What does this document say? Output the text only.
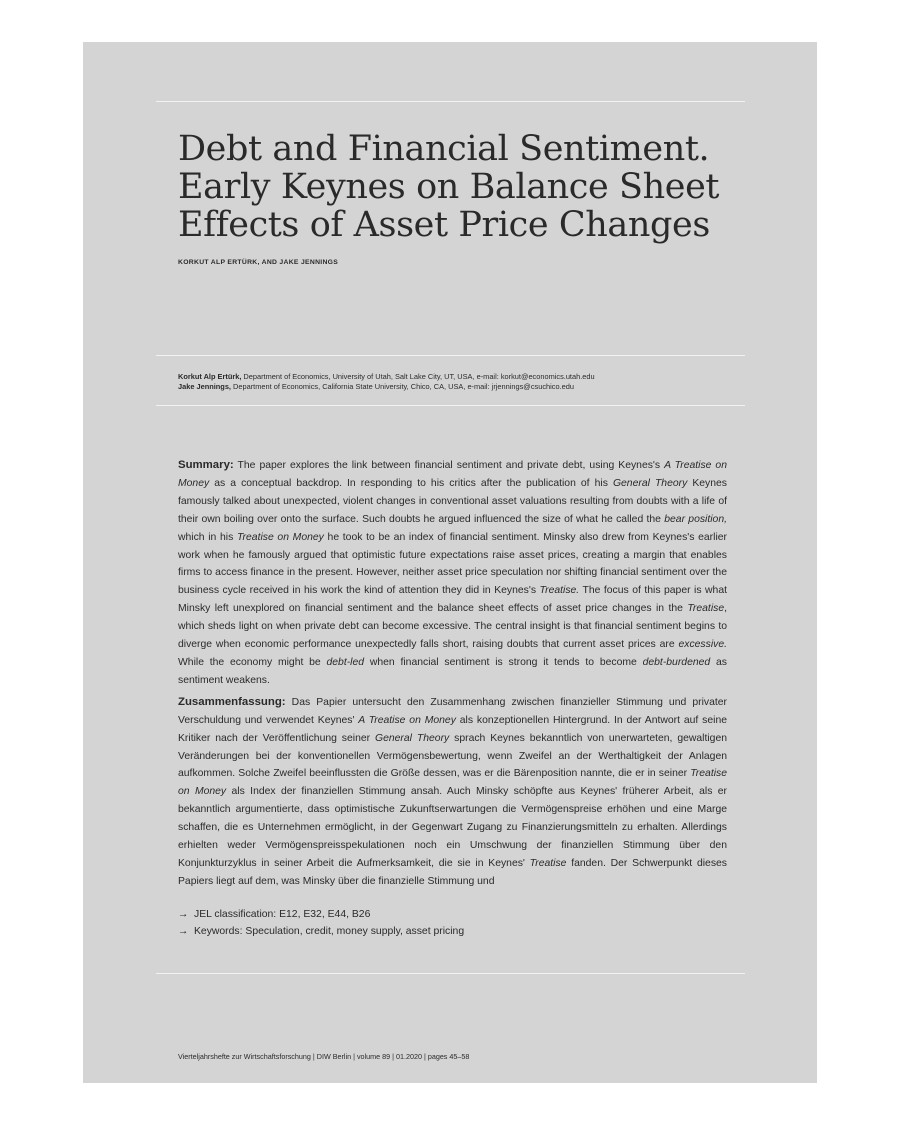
Debt and Financial Sentiment.
Early Keynes on Balance Sheet
Effects of Asset Price Changes
KORKUT ALP ERTÜRK, AND JAKE JENNINGS
Korkut Alp Ertürk, Department of Economics, University of Utah, Salt Lake City, UT, USA, e-mail: korkut@economics.utah.edu
Jake Jennings, Department of Economics, California State University, Chico, CA, USA, e-mail: jrjennings@csuchico.edu

Summary: The paper explores the link between financial sentiment and private debt, using Keynes's A Treatise on Money as a conceptual backdrop. In responding to his critics after the publication of his General Theory Keynes famously talked about unexpected, violent changes in conventional asset valuations resulting from doubts with a life of their own boiling over onto the surface. Such doubts he argued influenced the size of what he called the bear position, which in his Treatise on Money he took to be an index of financial sentiment. Minsky also drew from Keynes's earlier work when he famously argued that optimistic future expectations raise asset prices, creating a margin that enables firms to access finance in the present. However, neither asset price speculation nor shifting financial sentiment over the business cycle received in his work the kind of attention they did in Keynes's Treatise. The focus of this paper is what Minsky left unexplored on financial sentiment and the balance sheet effects of asset price changes in the Treatise, which sheds light on when private debt can become excessive. The central insight is that financial sentiment begins to diverge when economic performance unexpectedly falls short, raising doubts that current asset prices are excessive. While the economy might be debt-led when financial sentiment is strong it tends to become debt-burdened as sentiment weakens.

Zusammenfassung: Das Papier untersucht den Zusammenhang zwischen finanzieller Stimmung und privater Verschuldung und verwendet Keynes' A Treatise on Money als konzeptionellen Hintergrund. In der Antwort auf seine Kritiker nach der Veröffentlichung seiner General Theory sprach Keynes bekanntlich von unerwarteten, gewaltigen Veränderungen bei der konventionellen Vermögensbewertung, wenn Zweifel an der Werthaltigkeit der Anlagen aufkommen. Solche Zweifel beeinflussten die Größe dessen, was er die Bärenposition nannte, die er in seiner Treatise on Money als Index der finanziellen Stimmung ansah. Auch Minsky schöpfte aus Keynes' früherer Arbeit, als er bekanntlich argumentierte, dass optimistische Zukunftserwartungen die Vermögenspreise erhöhen und eine Marge schaffen, die es Unternehmen ermöglicht, in der Gegenwart Zugang zu Finanzierungsmitteln zu erhalten. Allerdings erhielten weder Vermögenspreisspekulationen noch ein Umschwung der finanziellen Stimmung über den Konjunkturzyklus in seiner Arbeit die Aufmerksamkeit, die sie in Keynes' Treatise fanden. Der Schwerpunkt dieses Papiers liegt auf dem, was Minsky über die finanzielle Stimmung und

→ JEL classification: E12, E32, E44, B26
→ Keywords: Speculation, credit, money supply, asset pricing
Vierteljahrshefte zur Wirtschaftsforschung | DIW Berlin | volume 89 | 01.2020 | pages 45–58
